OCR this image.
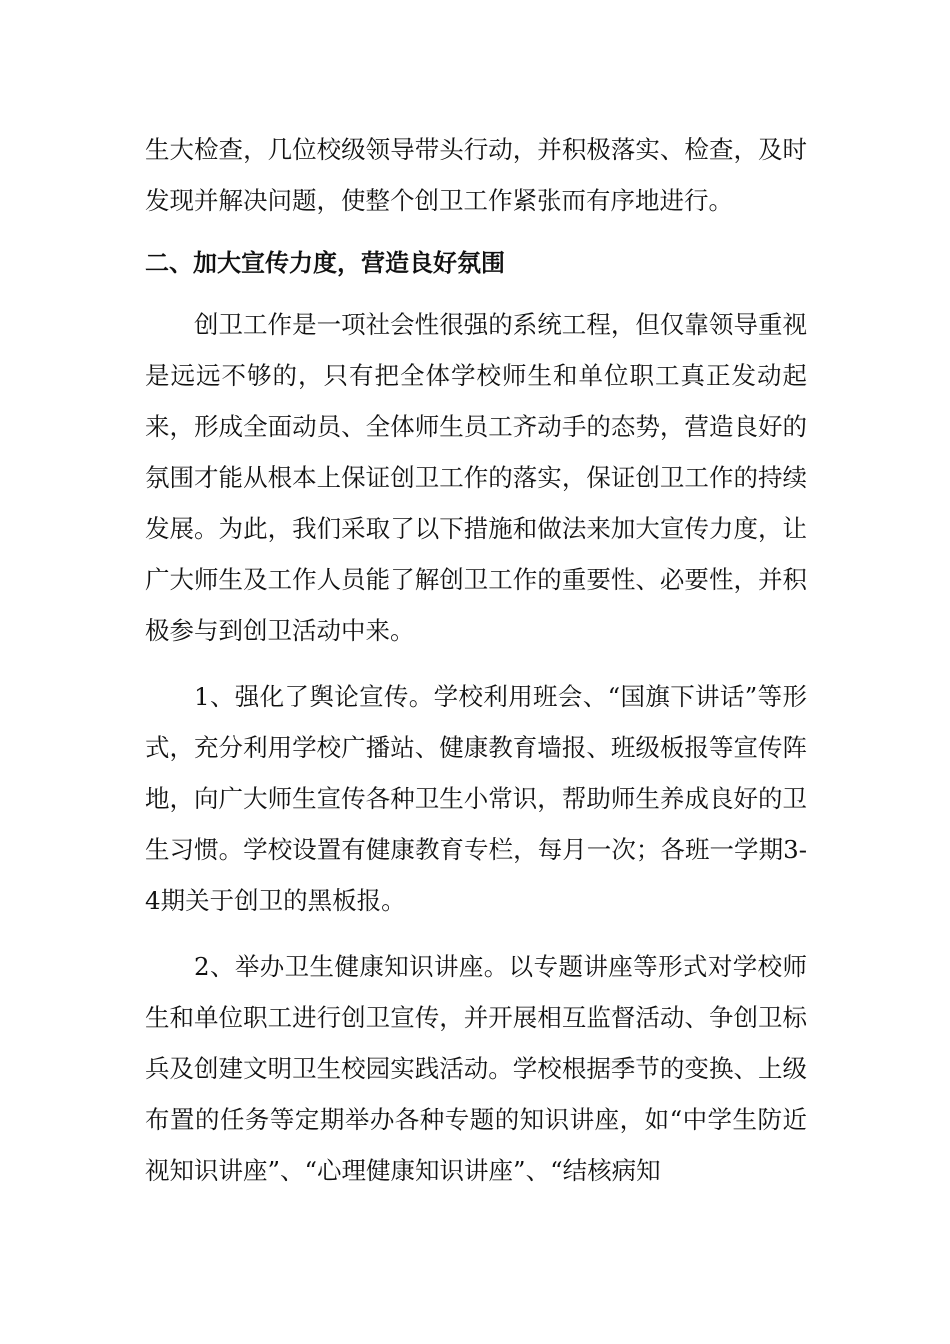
生大检查，几位校级领导带头行动，并积极落实、检查，及时发现并解决问题，使整个创卫工作紧张而有序地进行。

二、加大宣传力度，营造良好氛围

创卫工作是一项社会性很强的系统工程，但仅靠领导重视是远远不够的，只有把全体学校师生和单位职工真正发动起来，形成全面动员、全体师生员工齐动手的态势，营造良好的氛围才能从根本上保证创卫工作的落实，保证创卫工作的持续发展。为此，我们采取了以下措施和做法来加大宣传力度，让广大师生及工作人员能了解创卫工作的重要性、必要性，并积极参与到创卫活动中来。

1、强化了舆论宣传。学校利用班会、“国旗下讲话”等形式，充分利用学校广播站、健康教育墙报、班级板报等宣传阵地，向广大师生宣传各种卫生小常识，帮助师生养成良好的卫生习惯。学校设置有健康教育专栏，每月一次；各班一学期3-4期关于创卫的黑板报。

2、举办卫生健康知识讲座。以专题讲座等形式对学校师生和单位职工进行创卫宣传，并开展相互监督活动、争创卫标兵及创建文明卫生校园实践活动。学校根据季节的变换、上级布置的任务等定期举办各种专题的知识讲座，如“中学生防近视知识讲座”、“心理健康知识讲座”、“结核病知
